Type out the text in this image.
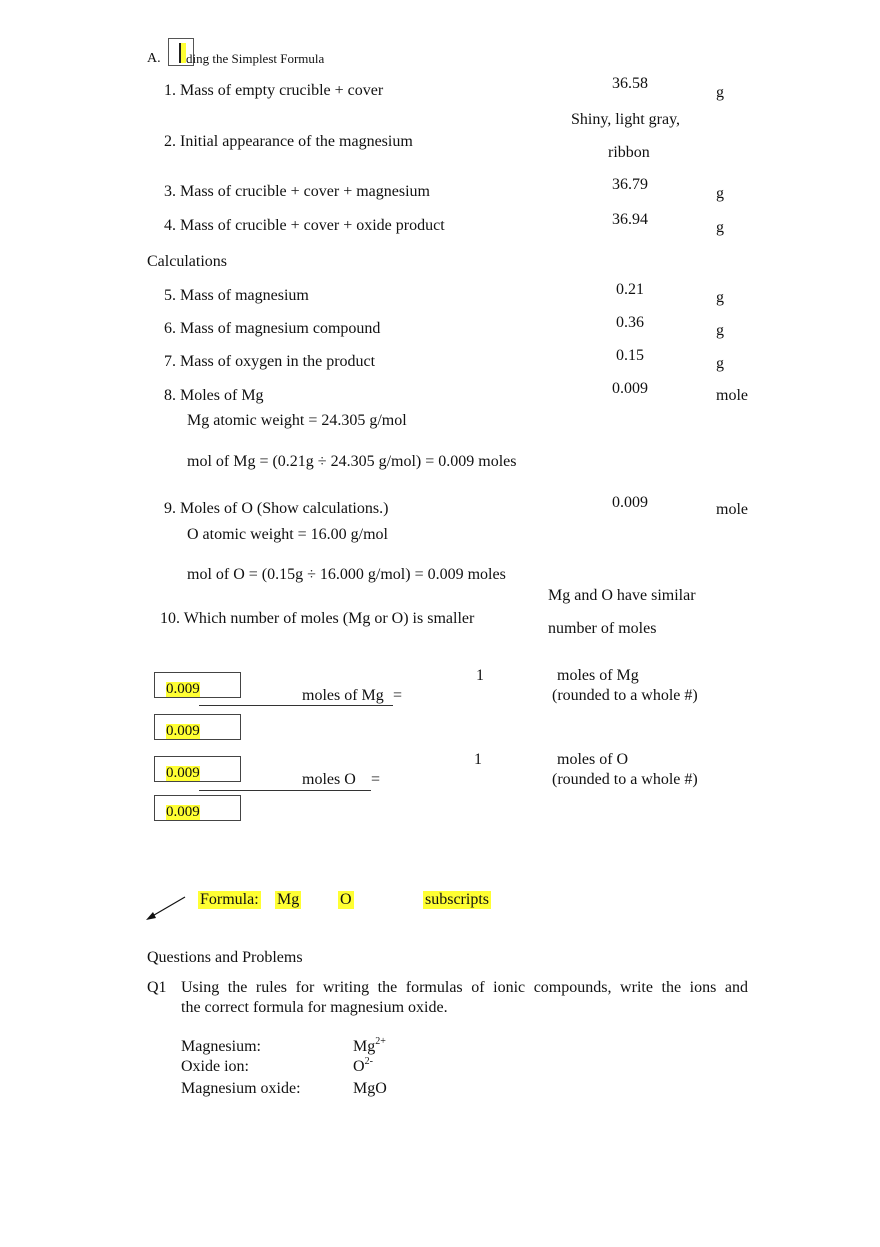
A. ding the Simplest Formula
1. Mass of empty crucible + cover	36.58
g
2. Initial appearance of the magnesium
Shiny, light gray,
ribbon
3. Mass of crucible + cover + magnesium	36.79
g
4. Mass of crucible + cover + oxide product	36.94	g
Calculations
5. Mass of magnesium	0.21	g
6. Mass of magnesium compound	0.36	g
7. Mass of oxygen in the product	0.15	g
8. Moles of Mg	0.009	mole
Mg atomic weight = 24.305 g/mol
mol of Mg = (0.21g ÷ 24.305 g/mol) = 0.009 moles
9. Moles of O (Show calculations.)	0.009	mole
O atomic weight = 16.00 g/mol
mol of O = (0.15g ÷ 16.000 g/mol) = 0.009 moles
10. Which number of moles (Mg or O) is smaller
Mg and O have similar
number of moles
0.009
0.009
moles of Mg =
1	moles of Mg
(rounded to a whole #)
0.009
0.009
moles O =
1	moles of O
(rounded to a whole #)
Formula: Mg	O	subscripts
Questions and Problems
Q1 Using the rules for writing the formulas of ionic compounds, write the ions and
the correct formula for magnesium oxide.
Magnesium:	$Mg^{2+}$
Oxide ion:	$O^{2-}$
Magnesium oxide:	MgO
